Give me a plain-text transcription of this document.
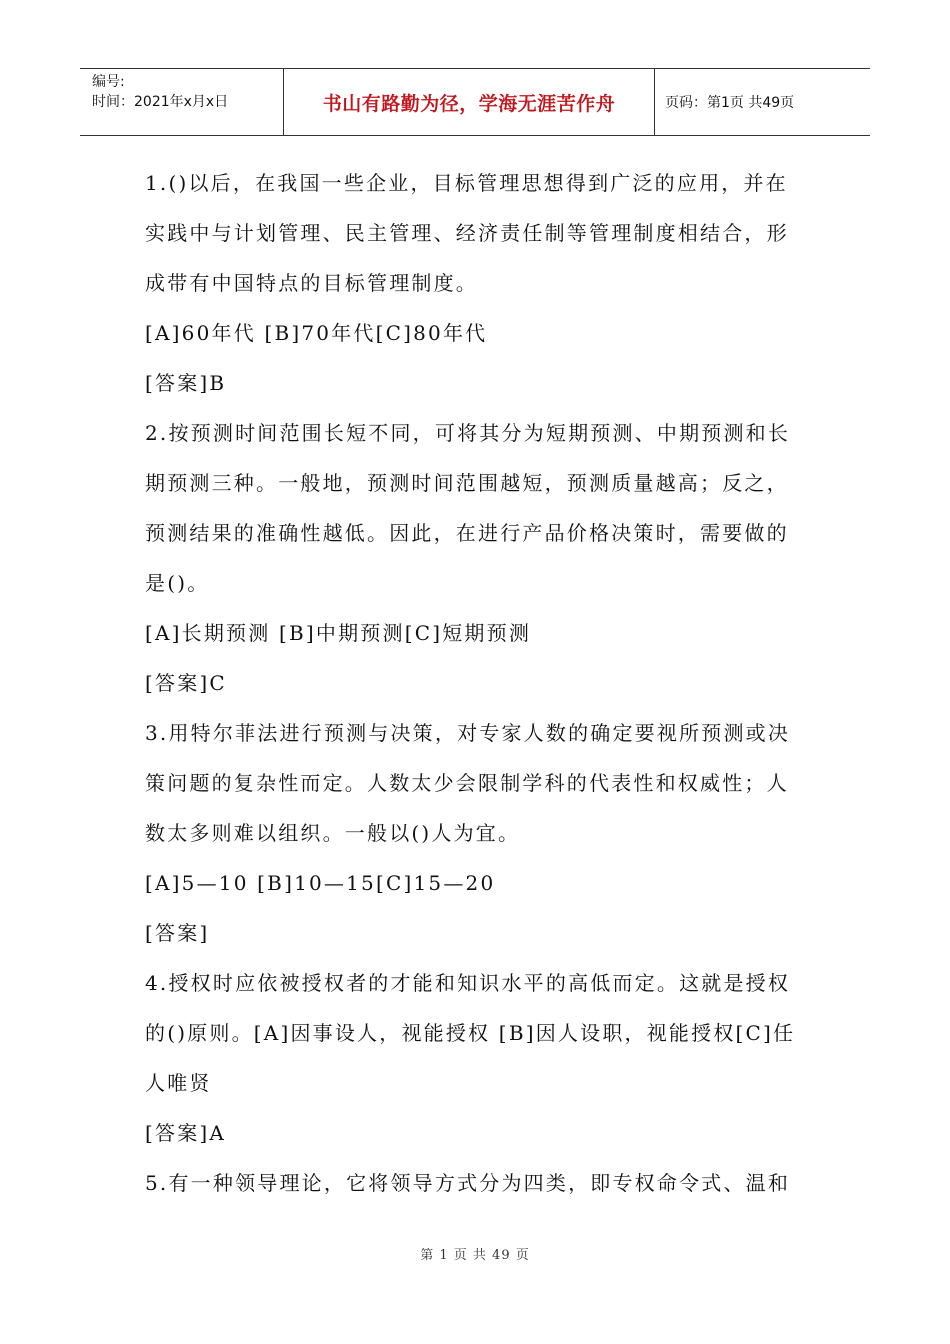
编号:
时间：2021年x月x日	书山有路勤为径，学海无涯苦作舟	页码：第1页 共49页

1.()以后，在我国一些企业，目标管理思想得到广泛的应用，并在实践中与计划管理、民主管理、经济责任制等管理制度相结合，形成带有中国特点的目标管理制度。

[A]60年代 [B]70年代[C]80年代

[答案]B

2.按预测时间范围长短不同，可将其分为短期预测、中期预测和长期预测三种。一般地，预测时间范围越短，预测质量越高；反之，预测结果的准确性越低。因此，在进行产品价格决策时，需要做的是()。

[A]长期预测 [B]中期预测[C]短期预测

[答案]C

3.用特尔菲法进行预测与决策，对专家人数的确定要视所预测或决策问题的复杂性而定。人数太少会限制学科的代表性和权威性；人数太多则难以组织。一般以()人为宜。

[A]5—10 [B]10—15[C]15—20

[答案]

4.授权时应依被授权者的才能和知识水平的高低而定。这就是授权的()原则。[A]因事设人，视能授权 [B]因人设职，视能授权[C]任人唯贤

[答案]A

5.有一种领导理论，它将领导方式分为四类，即专权命令式、温和

第 1 页 共 49 页
